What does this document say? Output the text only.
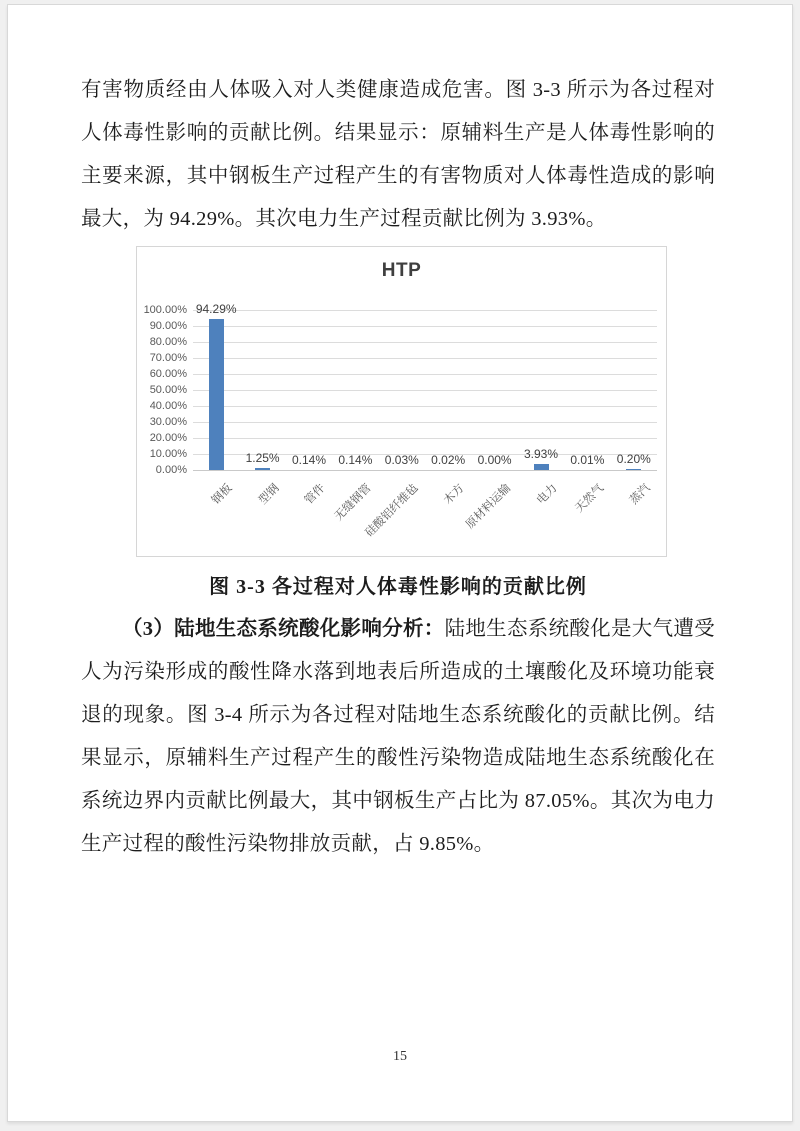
有害物质经由人体吸入对人类健康造成危害。图 3-3 所示为各过程对人体毒性影响的贡献比例。结果显示：原辅料生产是人体毒性影响的主要来源，其中钢板生产过程产生的有害物质对人体毒性造成的影响最大，为 94.29%。其次电力生产过程贡献比例为 3.93%。

HTP
100.00%
90.00%
80.00%
70.00%
60.00%
50.00%
40.00%
30.00%
20.00%
10.00%
0.00%
94.29%
钢板
1.25%
型钢
0.14%
管件
0.14%
无缝钢管
0.03%
硅酸铝纤维毡
0.02%
木方
0.00%
原材料运输
3.93%
电力
0.01%
天然气
0.20%
蒸汽
图 3-3 各过程对人体毒性影响的贡献比例

（3）陆地生态系统酸化影响分析：陆地生态系统酸化是大气遭受人为污染形成的酸性降水落到地表后所造成的土壤酸化及环境功能衰退的现象。图 3-4 所示为各过程对陆地生态系统酸化的贡献比例。结果显示，原辅料生产过程产生的酸性污染物造成陆地生态系统酸化在系统边界内贡献比例最大，其中钢板生产占比为 87.05%。其次为电力生产过程的酸性污染物排放贡献，占 9.85%。

15
